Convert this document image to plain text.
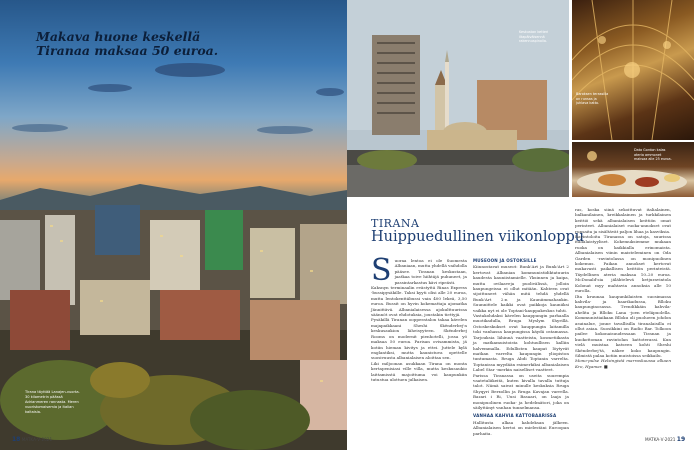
Makava huone keskellä Tiranaa maksaa 50 euroa.
Tirana täyttää Lanajen-vuorta. 30 kilometrin päässä Adrianmeren rannasta. Meren vuoristomaisemia ja italian kaltaisia.
Keskustan ketteri iltapäiväisennä rakennuspinolla.
Baroksen terassilla on runsas ja juhlava katto.
Data Gordon kalas ateria ammonet maksaa alle 25 euroa.
TIRANA
Huippuedullinen viikonloppu
S uoraa lentoa ei ole Suomesta Albaniaan, mutta yhdellä vaihdolla pääsee. Tiranan keskustaan, jaatkaa toive hiihtäjä puhuneet, ja passintarkastus kävi ripeästi.

Kaksnyn terminaalin evästyttä Rinas Express -bussipysäkille. Taksi kyyti olisi alle 20 euroa, mutta lentokenttäbussi vain 400 lekeä, 3,50 euroa. Bussit on hyvin kokemattaja ajomatka Jännittävä. Albanialaisessa ajokulttuurissa säännöt ovat ehdotuksia, joustakin tiettyjä.

Pysäkillä Tiranan oopperatalon takaa kävelen majapaikkaani Sheshi Skënderbej'n keskusaukion läheisyyteen. Skënderbej Rooms on modernit pienhotelli, jossa yö maksaa 50 euroa. Parisan ovisammista, jä kotiin hieman kivitys ja ettei. Juttele kylä englantiksi, mutta kaunistuva opettelle suosivuusta albanialaisen aloittaa sen.

Liki miljoonan asukkaan Tirana on monta kertapenisiasi ville villa, mutta keskusaukio laittamisstä majoittuma voi kaupunkiin tutustua ulottuen julkaisen.

MUSEOON JA OSTOKSILLE

Kiinnostavat museot: Bunk'Art ja Bunk'Art 2 kertovat Albanian kommunistidiktatuurin kaudesta kauniistamielle. Yksinnen ja kaipa, mutta ovilaaveja puolivälissä, jolloin kaupungeissa ei ollut mitään. Kahteen ovat sijoittuneet vähän mitä tehdä yhdellä Bunk'Art 2:n ja Kauniimmahankin. Suunnittele kaikki ovat paikkoja kauniiksi vaikka nyt ei ole Toptani-kauppakeskus tuhti.

Vastakohdaksi kävelen kauppungin parhaalla muotikadulla, Rruga Myslym Shyrillä. Ostoskeskukset ovat kauppungin laitamilla toki vanhassa kaupungissa käydä ostamassa. Tarjouksia lähinnä vaatteista, kosmetiikasta ja matkamuistoista kohtuullisen kalliin halvemmalla. Edullisten kaupat löytyvät matkan varrelta kaupungin yliopiston tuntumasta. Rruga Abdi Toptanin varrelta. Toptanissa myydään esimerkiksi albanialaisen Label Star -merkin naiselliset vaatteet.

Parissa Tiranassa on useita suurempia vaatetaliikeitä, kuten kivalla tavalla tuttuja talot. Nämä saivat minulle keskuksia Rruga Shyqyri Berxollin ja Rruga Kavajan varrella. Bazari i Ri, Uusi Basaari, on laaja ja monipuolinen ruoka- ja hedelmätori, joka on säilyttänyt vanhan tunnelmansa.

VANHAA KAHVIA KATTOBAARISSA

Hallitusta alkaa kahdeksan jälkeen. Albanialaisen kertoi on mielestäni Euroopan parhaita.

ras, koska siinä sekoittuvat italialainen, balkanilainen, kreikkalainen ja turkkilainen keittiö sekä albanialaisen keittiön omat perinteet. Albanialaiset ruoka-annokset ovat runsaita ja sisältävät paljon lihaa ja kasviksia.

Ravintoloita Tiranassa on satoja, suurissa italialaistyyliset. Kokemuksiemme mukaan ruoka on kaikkialla erinomaista. Albanialaisen viinin maisteleminen on Oda Garden -ravintolassa on monipuolinen kokemus. Paikan annokset kertovat mukavasti paikallisen keittiön perinteistä. Täydellinen ateria maksaa 10–20 euroa. McDonald'sia jälähtelevä ketjuravintola Kolonat myy mahtavia annoksia alle 10 eurolla.

Ilta kruunaa kaupunkilaisten suosimassa kahvila- ja baarikadussa, Blloku kaupunginosassa. Trendikkäin kahvila- ahelita ja Blloku Lana -joen eteläpuolella. Kommunistiaikaan Blloku oli puolueen johdon asuinalue, jonne tavallisilla tiranalaisilla ei ollut asiaa. Suosikkini on Radio Bar. Tolkoon pailee kokonaisuudessaan Tiranan ja kuokottoman ravintolan kattoterassi. Kun vielä muistaa katseen kohti Sheshi Skënderbej'tä, näkee koko kaupungin. Silmistä palaa kotiin muistoissa seikkailu.

Mono-pulse Helsingistä marraskuussa alkaen Kro, Hyamar. ■

18 MATKA·V·2021	MATKA·V·2021 19
